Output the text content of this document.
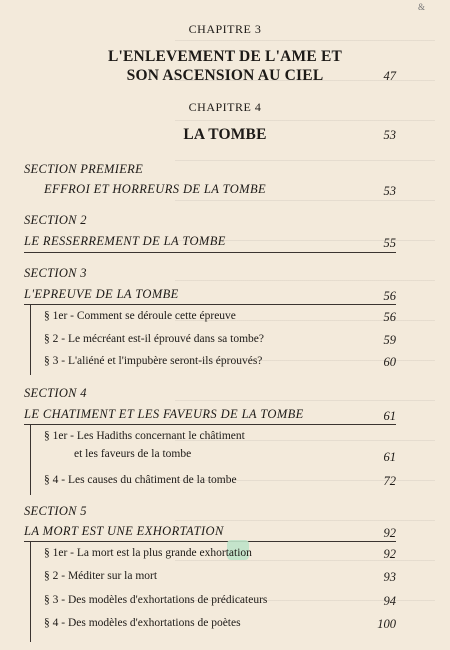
&
CHAPITRE 3
L'ENLEVEMENT DE L'AME ET
SON ASCENSION AU CIEL	47
CHAPITRE 4
LA TOMBE	53
SECTION PREMIERE
EFFROI ET HORREURS DE LA TOMBE	53
SECTION 2
LE RESSERREMENT DE LA TOMBE	55
SECTION 3
L'EPREUVE DE LA TOMBE	56
§ 1er - Comment se déroule cette épreuve	56
§ 2 - Le mécréant est-il éprouvé dans sa tombe?	59
§ 3 - L'aliéné et l'impubère seront-ils éprouvés?	60
SECTION 4
LE CHATIMENT ET LES FAVEURS DE LA TOMBE	61
§ 1er - Les Hadiths concernant le châtiment
et les faveurs de la tombe	61
§ 4 - Les causes du châtiment de la tombe	72
SECTION 5
LA MORT EST UNE EXHORTATION	92
§ 1er - La mort est la plus grande exhortation	92
§ 2 - Méditer sur la mort	93
§ 3 - Des modèles d'exhortations de prédicateurs	94
§ 4 - Des modèles d'exhortations de poètes	100
